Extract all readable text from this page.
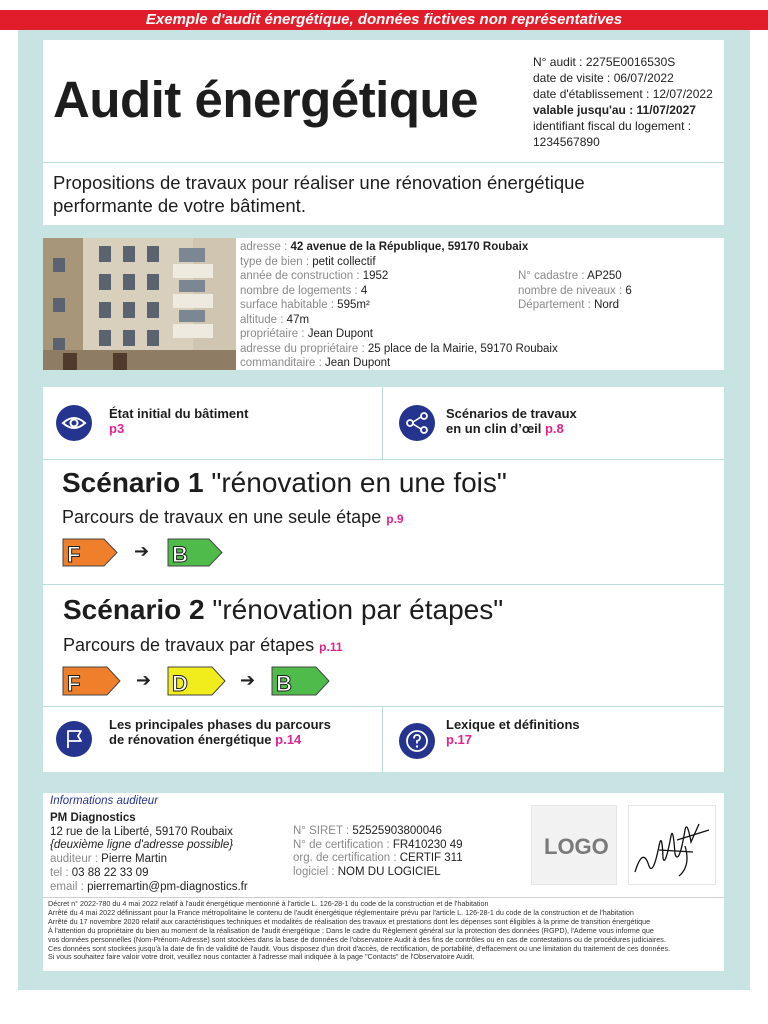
Exemple d'audit énergétique, données fictives non représentatives
Audit énergétique
N° audit : 2275E0016530S
date de visite : 06/07/2022
date d'établissement : 12/07/2022
valable jusqu'au : 11/07/2027
identifiant fiscal du logement :
1234567890

Propositions de travaux pour réaliser une rénovation énergétique
performante de votre bâtiment.

adresse : 42 avenue de la République, 59170 Roubaix
type de bien : petit collectif
année de construction : 1952
nombre de logements : 4
surface habitable : 595m²
altitude : 47m
N° cadastre : AP250
nombre de niveaux : 6
Département : Nord
propriétaire : Jean Dupont
adresse du propriétaire : 25 place de la Mairie, 59170 Roubaix
commanditaire : Jean Dupont
État initial du bâtiment
p3
Scénarios de travaux
en un clin d’œil p.8
Scénario 1 "rénovation en une fois"
Parcours de travaux en une seule étape p.9
F	➔ B
Scénario 2 "rénovation par étapes"
Parcours de travaux par étapes p.11
F	➔ D	➔ B
Les principales phases du parcours
de rénovation énergétique p.14
Lexique et définitions
p.17
Informations auditeur
PM Diagnostics
12 rue de la Liberté, 59170 Roubaix
{deuxième ligne d'adresse possible}
auditeur : Pierre Martin
tel : 03 88 22 33 09
email : pierremartin@pm-diagnostics.fr
N° SIRET : 52525903800046
N° de certification : FR410230 49
org. de certification : CERTIF 311
logiciel : NOM DU LOGICIEL
LOGO
Décret n° 2022-780 du 4 mai 2022 relatif à l'audit énergétique mentionné à l'article L. 126-28-1 du code de la construction et de l'habitation
Arrêté du 4 mai 2022 définissant pour la France métropolitaine le contenu de l'audit énergétique réglementaire prévu par l'article L. 126-28-1 du code de la construction et de l'habitation
Arrêté du 17 novembre 2020 relatif aux caractéristiques techniques et modalités de réalisation des travaux et prestations dont les dépenses sont éligibles à la prime de transition énergétique
À l'attention du propriétaire du bien au moment de la réalisation de l'audit énergétique : Dans le cadre du Règlement général sur la protection des données (RGPD), l'Ademe vous informe que
vos données personnelles (Nom-Prénom-Adresse) sont stockées dans la base de données de l'observatoire Audit à des fins de contrôles ou en cas de contestations ou de procédures judiciaires.
Ces données sont stockées jusqu'à la date de fin de validité de l'audit. Vous disposez d'un droit d'accès, de rectification, de portabilité, d'effacement ou une limitation du traitement de ces données.
Si vous souhaitez faire valoir votre droit, veuillez nous contacter à l'adresse mail indiquée à la page "Contacts" de l'Observatoire Audit.
